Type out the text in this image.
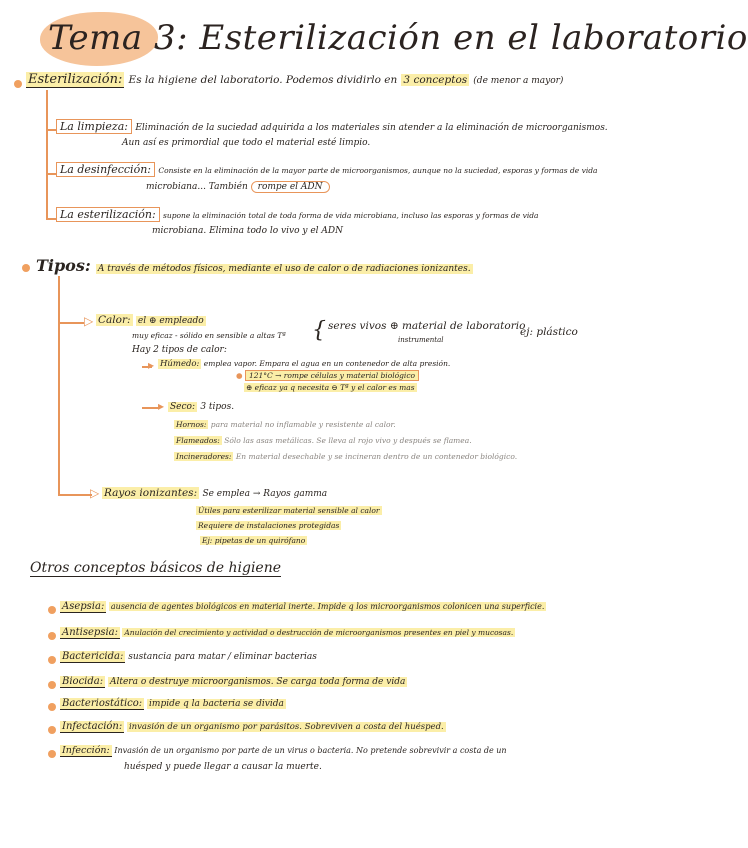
Tema 3: Esterilización en el laboratorio
Esterilización: Es la higiene del laboratorio. Podemos dividirlo en 3 conceptos (de menor a mayor)
La limpieza: Eliminación de la suciedad adquirida a los materiales sin atender a la eliminación de microorganismos.
Aun así es primordial que todo el material esté limpio.
La desinfección: Consiste en la eliminación de la mayor parte de microorganismos, aunque no la suciedad, esporas y formas de vida
microbiana... También rompe el ADN
La esterilización: supone la eliminación total de toda forma de vida microbiana, incluso las esporas y formas de vida
microbiana. Elimina todo lo vivo y el ADN
Tipos: A través de métodos físicos, mediante el uso de calor o de radiaciones ionizantes.
▷ Calor: el ⊕ empleado
muy eficaz - sólido en sensible a altas Tª { seres vivos ⊕ material de laboratorio
instrumental
ej: plástico
Hay 2 tipos de calor:
▸ Húmedo: emplea vapor. Empara el agua en un contenedor de alta presión.
● 121°C → rompe células y material biológico
⊕ eficaz ya q necesita ⊖ Tª y el calor es mas
▸ Seco: 3 tipos.
Hornos: para material no inflamable y resistente al calor.
Flameados: Sólo las asas metálicas. Se lleva al rojo vivo y después se flamea.
Incineradores: En material desechable y se incineran dentro de un contenedor biológico.
▷ Rayos ionizantes: Se emplea → Rayos gamma
Útiles para esterilizar material sensible al calor
Requiere de instalaciones protegidas
Ej: pipetas de un quirófano
Otros conceptos básicos de higiene
Asepsia: ausencia de agentes biológicos en material inerte. Impide q los microorganismos colonicen una superficie.
Antisepsia: Anulación del crecimiento y actividad o destrucción de microorganismos presentes en piel y mucosas.
Bactericida: sustancia para matar / eliminar bacterias
Biocida: Altera o destruye microorganismos. Se carga toda forma de vida
Bacteriostático: impide q la bacteria se divida
Infectación: invasión de un organismo por parásitos. Sobreviven a costa del huésped.
Infección: Invasión de un organismo por parte de un virus o bacteria. No pretende sobrevivir a costa de un
huésped y puede llegar a causar la muerte.
